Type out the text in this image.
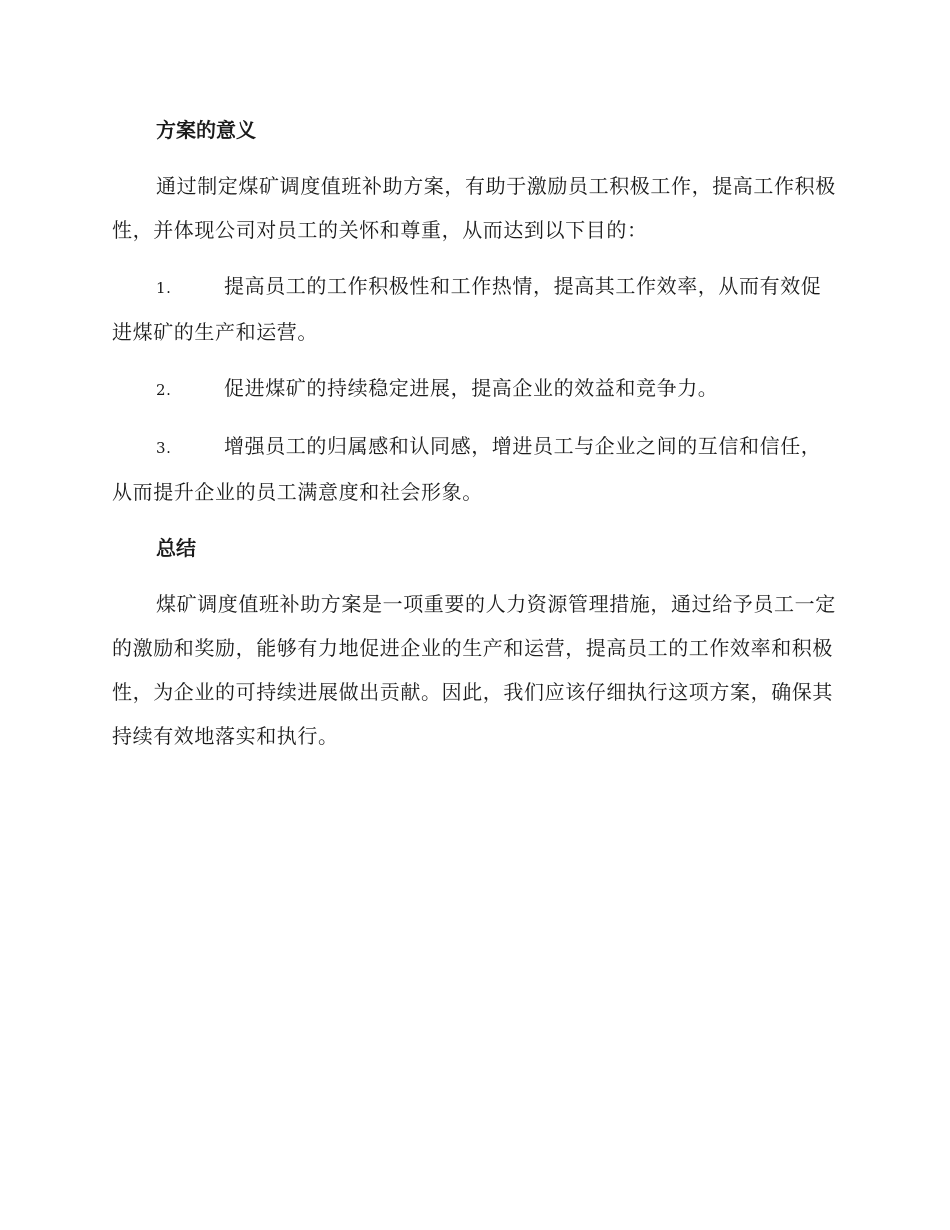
方案的意义
通过制定煤矿调度值班补助方案，有助于激励员工积极工作，提高工作积极性，并体现公司对员工的关怀和尊重，从而达到以下目的：
1.	提高员工的工作积极性和工作热情，提高其工作效率，从而有效促进煤矿的生产和运营。
2.	促进煤矿的持续稳定进展，提高企业的效益和竞争力。
3.	增强员工的归属感和认同感，增进员工与企业之间的互信和信任，从而提升企业的员工满意度和社会形象。
总结
煤矿调度值班补助方案是一项重要的人力资源管理措施，通过给予员工一定的激励和奖励，能够有力地促进企业的生产和运营，提高员工的工作效率和积极性，为企业的可持续进展做出贡献。因此，我们应该仔细执行这项方案，确保其持续有效地落实和执行。
